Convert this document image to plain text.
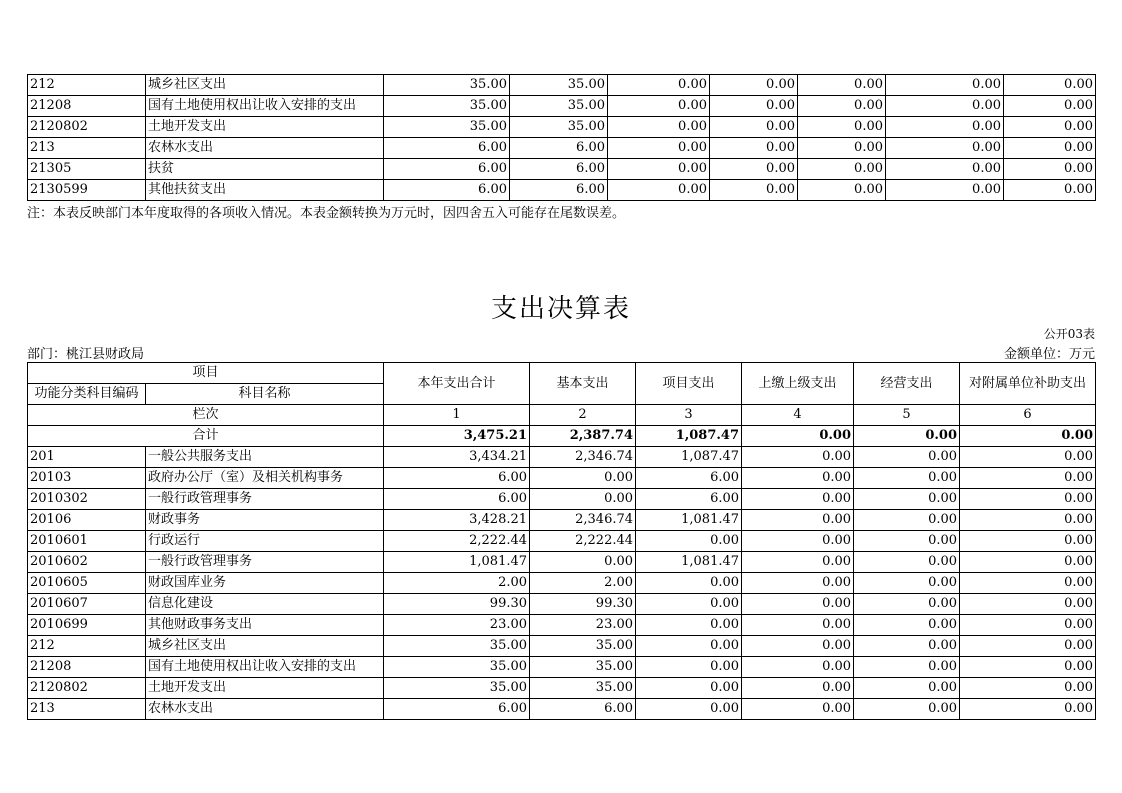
212	城乡社区支出	35.00	35.00	0.00	0.00	0.00	0.00	0.00
21208	国有土地使用权出让收入安排的支出	35.00	35.00	0.00	0.00	0.00	0.00	0.00
2120802	土地开发支出	35.00	35.00	0.00	0.00	0.00	0.00	0.00
213	农林水支出	6.00	6.00	0.00	0.00	0.00	0.00	0.00
21305	扶贫	6.00	6.00	0.00	0.00	0.00	0.00	0.00
2130599	其他扶贫支出	6.00	6.00	0.00	0.00	0.00	0.00	0.00
注：本表反映部门本年度取得的各项收入情况。本表金额转换为万元时，因四舍五入可能存在尾数误差。
支出决算表
公开03表
部门：桃江县财政局	金额单位：万元
项目		本年支出合计	基本支出	项目支出	上缴上级支出	经营支出	对附属单位补助支出
功能分类科目编码	科目名称						
栏次		1	2	3	4	5	6
合计		3,475.21	2,387.74	1,087.47	0.00	0.00	0.00
201	一般公共服务支出	3,434.21	2,346.74	1,087.47	0.00	0.00	0.00
20103	政府办公厅（室）及相关机构事务	6.00	0.00	6.00	0.00	0.00	0.00
2010302	一般行政管理事务	6.00	0.00	6.00	0.00	0.00	0.00
20106	财政事务	3,428.21	2,346.74	1,081.47	0.00	0.00	0.00
2010601	行政运行	2,222.44	2,222.44	0.00	0.00	0.00	0.00
2010602	一般行政管理事务	1,081.47	0.00	1,081.47	0.00	0.00	0.00
2010605	财政国库业务	2.00	2.00	0.00	0.00	0.00	0.00
2010607	信息化建设	99.30	99.30	0.00	0.00	0.00	0.00
2010699	其他财政事务支出	23.00	23.00	0.00	0.00	0.00	0.00
212	城乡社区支出	35.00	35.00	0.00	0.00	0.00	0.00
21208	国有土地使用权出让收入安排的支出	35.00	35.00	0.00	0.00	0.00	0.00
2120802	土地开发支出	35.00	35.00	0.00	0.00	0.00	0.00
213	农林水支出	6.00	6.00	0.00	0.00	0.00	0.00
